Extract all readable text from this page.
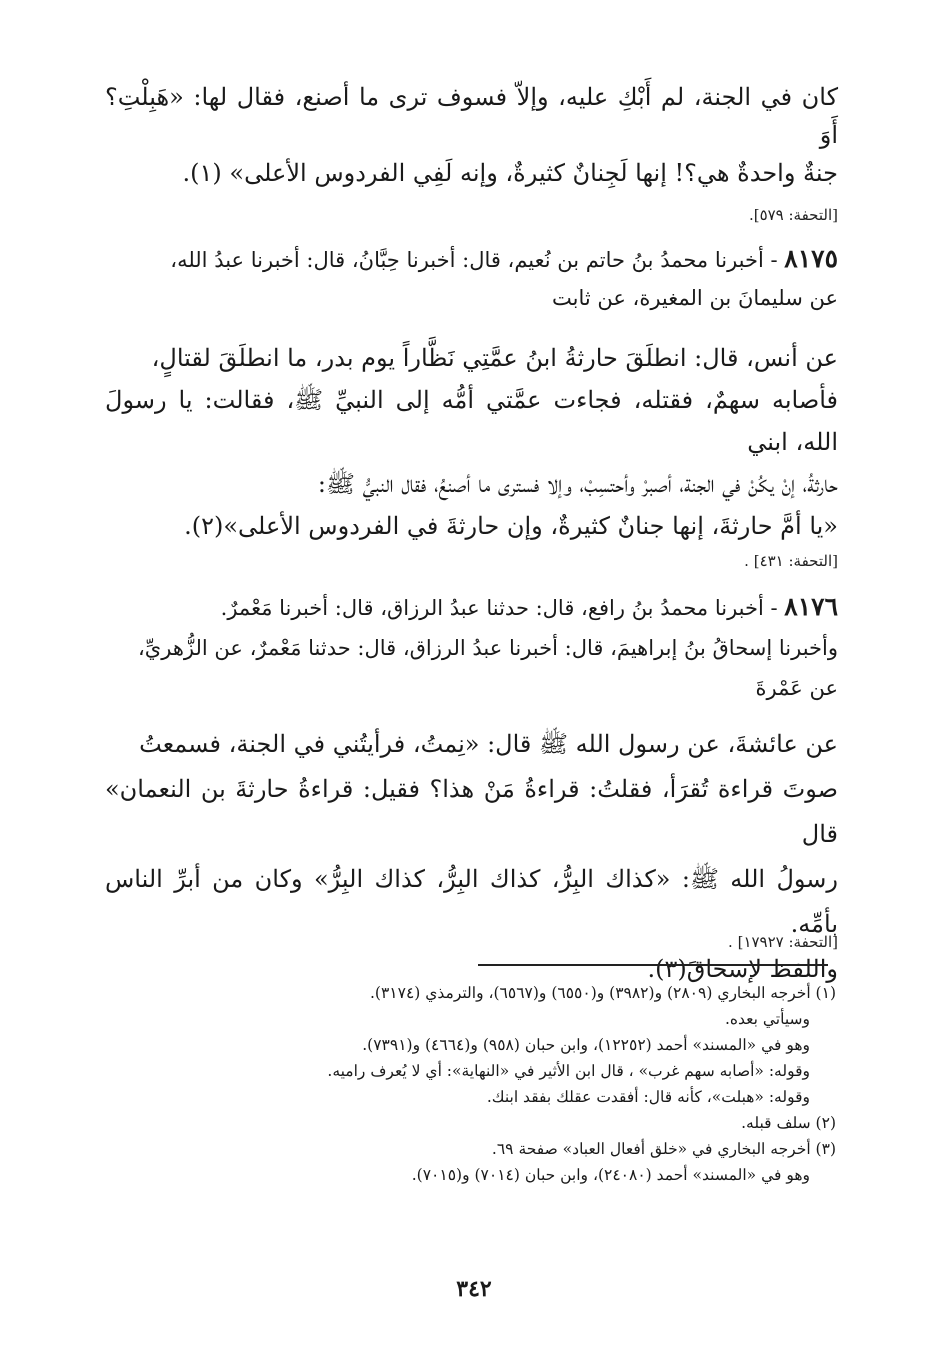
كان في الجنة، لم أَبْكِ عليه، وإلاّ فسوف ترى ما أصنع، فقال لها: «هَبِلْتِ؟ أَوَ
جنةٌ واحدةٌ هي؟! إنها لَجِنانٌ كثيرةٌ، وإنه لَفِي الفردوس الأعلى» (١).
[التحفة: ٥٧٩].
٨١٧٥ - أخبرنا محمدُ بنُ حاتم بن نُعيم، قال: أخبرنا حِبَّانُ، قال: أخبرنا عبدُ الله،
عن سليمانَ بن المغيرة، عن ثابت
عن أنس، قال: انطلَقَ حارثةُ ابنُ عمَّتِي نَظَّاراً يوم بدر، ما انطلَقَ لقتالٍ،
فأصابه سهمٌ، فقتله، فجاءت عمَّتي أمُّه إلى النبيِّ ﷺ، فقالت: يا رسولَ الله، ابني
حارثةُ، إنْ يكُنْ في الجنة، أصبرْ وأحتسِبْ، وإلا فسترى ما أصنعُ، فقال النبيُّ ﷺ:
«يا أمَّ حارثةَ، إنها جنانٌ كثيرةٌ، وإن حارثةَ في الفردوس الأعلى»(٢).
[التحفة: ٤٣١] .
٨١٧٦ - أخبرنا محمدُ بنُ رافع، قال: حدثنا عبدُ الرزاق، قال: أخبرنا مَعْمرٌ.
وأخبرنا إسحاقُ بنُ إبراهيمَ، قال: أخبرنا عبدُ الرزاق، قال: حدثنا مَعْمرٌ، عن الزُّهريِّ،
عن عَمْرةَ
عن عائشةَ، عن رسول الله ﷺ قال: «نِمتُ، فرأيتُني في الجنة، فسمعتُ
صوتَ قراءة تُقرَأ، فقلتُ: قراءةُ مَنْ هذا؟ فقيل: قراءةُ حارثةَ بن النعمان» قال
رسولُ الله ﷺ: «كذاك البِرُّ، كذاك البِرُّ، كذاك البِرُّ» وكان من أبرِّ الناس بأمِّه.
واللفظ لإسحاقَ(٣).
[التحفة: ١٧٩٢٧] .
(١) أخرجه البخاري (٢٨٠٩) و(٣٩٨٢) و(٦٥٥٠) و(٦٥٦٧)، والترمذي (٣١٧٤).
وسيأتي بعده.
وهو في «المسند» أحمد (١٢٢٥٢)، وابن حبان (٩٥٨) و(٤٦٦٤) و(٧٣٩١).
وقوله: «أصابه سهم غرب» ، قال ابن الأثير في «النهاية»: أي لا يُعرف راميه.
وقوله: «هبلت»، كأنه قال: أفقدت عقلك بفقد ابنك.
(٢) سلف قبله.
(٣) أخرجه البخاري في «خلق أفعال العباد» صفحة ٦٩.
وهو في «المسند» أحمد (٢٤٠٨٠)، وابن حبان (٧٠١٤) و(٧٠١٥).
٣٤٢
